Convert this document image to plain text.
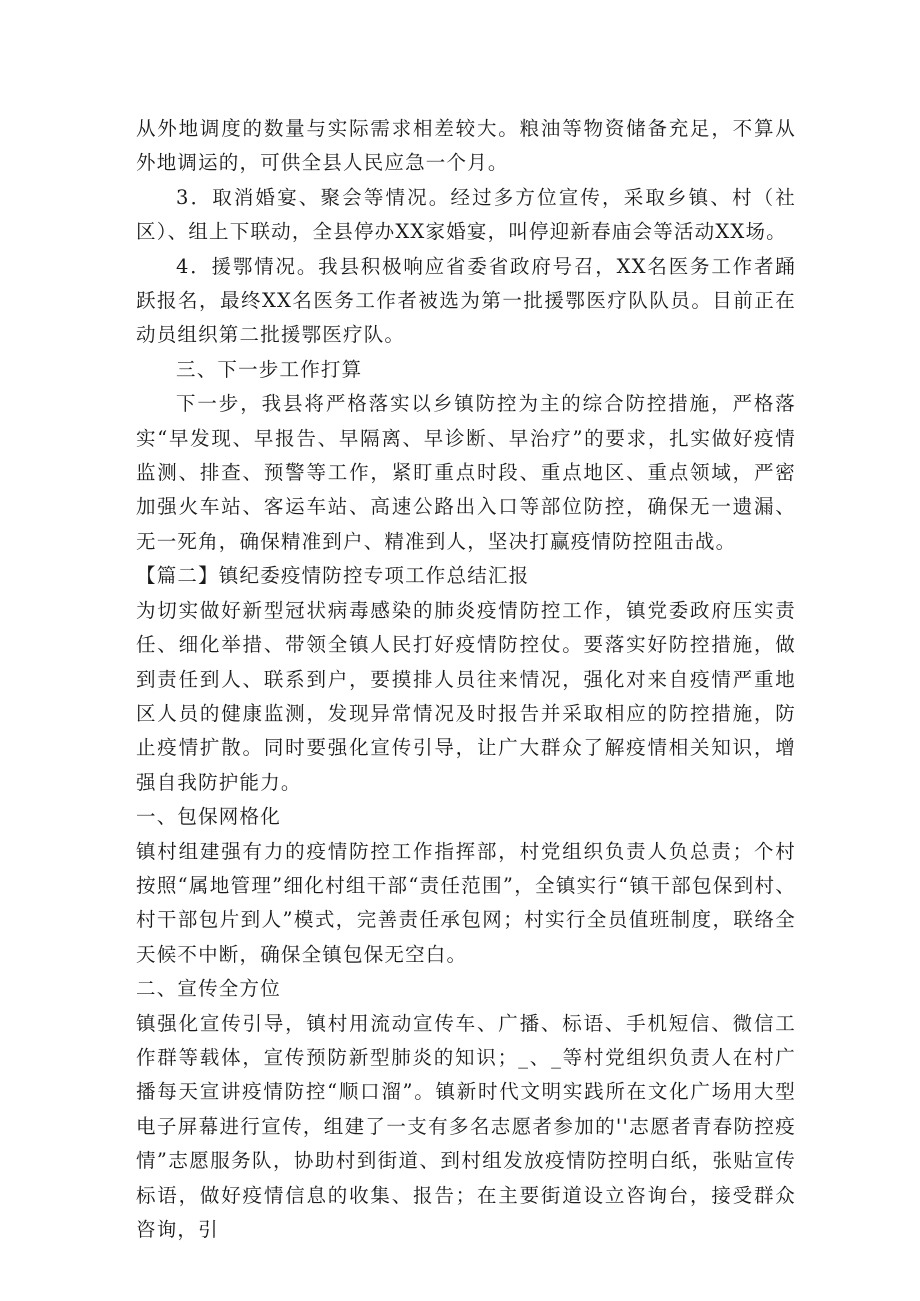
从外地调度的数量与实际需求相差较大。粮油等物资储备充足，不算从外地调运的，可供全县人民应急一个月。

3．取消婚宴、聚会等情况。经过多方位宣传，采取乡镇、村（社区）、组上下联动，全县停办XX家婚宴，叫停迎新春庙会等活动XX场。

4．援鄂情况。我县积极响应省委省政府号召，XX名医务工作者踊跃报名，最终XX名医务工作者被选为第一批援鄂医疗队队员。目前正在动员组织第二批援鄂医疗队。

三、下一步工作打算

下一步，我县将严格落实以乡镇防控为主的综合防控措施，严格落实“早发现、早报告、早隔离、早诊断、早治疗”的要求，扎实做好疫情监测、排查、预警等工作，紧盯重点时段、重点地区、重点领域，严密加强火车站、客运车站、高速公路出入口等部位防控，确保无一遗漏、无一死角，确保精准到户、精准到人，坚决打赢疫情防控阻击战。

【篇二】镇纪委疫情防控专项工作总结汇报

为切实做好新型冠状病毒感染的肺炎疫情防控工作，镇党委政府压实责任、细化举措、带领全镇人民打好疫情防控仗。要落实好防控措施，做到责任到人、联系到户，要摸排人员往来情况，强化对来自疫情严重地区人员的健康监测，发现异常情况及时报告并采取相应的防控措施，防止疫情扩散。同时要强化宣传引导，让广大群众了解疫情相关知识，增强自我防护能力。

一、包保网格化

镇村组建强有力的疫情防控工作指挥部，村党组织负责人负总责；个村按照“属地管理”细化村组干部“责任范围”，全镇实行“镇干部包保到村、村干部包片到人”模式，完善责任承包网；村实行全员值班制度，联络全天候不中断，确保全镇包保无空白。

二、宣传全方位

镇强化宣传引导，镇村用流动宣传车、广播、标语、手机短信、微信工作群等载体，宣传预防新型肺炎的知识；_、_等村党组织负责人在村广播每天宣讲疫情防控“顺口溜”。镇新时代文明实践所在文化广场用大型电子屏幕进行宣传，组建了一支有多名志愿者参加的''志愿者青春防控疫情”志愿服务队，协助村到街道、到村组发放疫情防控明白纸，张贴宣传标语，做好疫情信息的收集、报告；在主要街道设立咨询台，接受群众咨询，引
